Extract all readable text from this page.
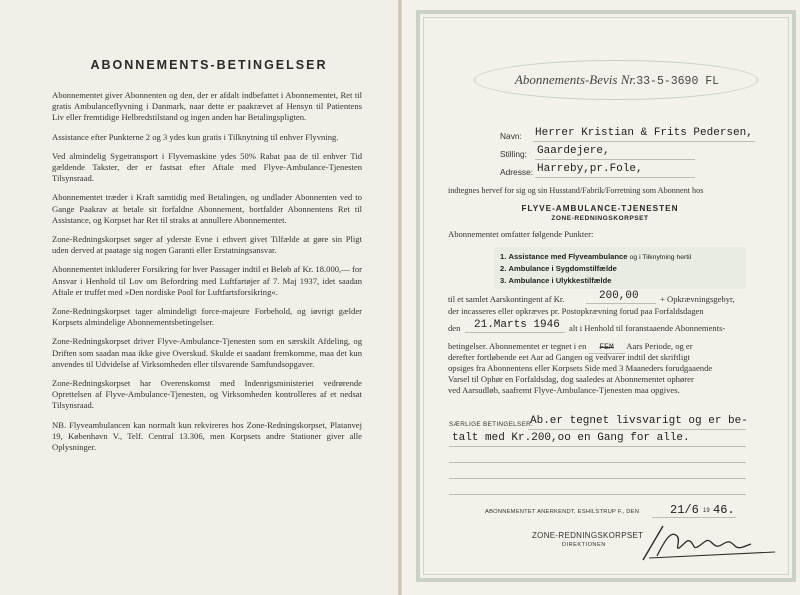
ABONNEMENTS-BETINGELSER

Abonnementet giver Abonnenten og den, der er afdalt indbefattet i Abonnementet, Ret til gratis Ambulanceflyvning i Danmark, naar dette er paakrævet af Hensyn til Patientens Liv eller fremtidige Helbredstilstand og ingen anden har Betalingspligten.

Assistance efter Punkterne 2 og 3 ydes kun gratis i Tilknytning til enhver Flyvning.

Ved almindelig Sygetransport i Flyvemaskine ydes 50% Rabat paa de til enhver Tid gældende Takster, der er fastsat efter Aftale med Flyve-Ambulance-Tjenesten Tilsynsraad.

Abonnementet træder i Kraft samtidig med Betalingen, og undlader Abonnenten ved to Gange Paakrav at betale sit forfaldne Abonnement, bortfalder Abonnentens Ret til Assistance, og Korpset har Ret til straks at annullere Abonnementet.

Zone-Redningskorpset søger af yderste Evne i ethvert givet Tilfælde at gøre sin Pligt uden derved at paatage sig nogen Garanti eller Erstatningsansvar.

Abonnementet inkluderer Forsikring for hver Passager indtil et Beløb af Kr. 18.000,— for Ansvar i Henhold til Lov om Befordring med Luftfartøjer af 7. Maj 1937, idet saadan Aftale er truffet med »Den nordiske Pool for Luftfartsforsikring«.

Zone-Redningskorpset tager almindeligt force-majeure Forbehold, og iøvrigt gælder Korpsets almindelige Abonnementsbetingelser.

Zone-Redningskorpset driver Flyve-Ambulance-Tjenesten som en særskilt Afdeling, og Driften som saadan maa ikke give Overskud. Skulde et saadant fremkomme, maa det kun anvendes til Udvidelse af Virksomheden eller tilsvarende Samfundsopgaver.

Zone-Redningskorpset har Overenskomst med Indenrigsministeriet vedrørende Oprettelsen af Flyve-Ambulance-Tjenesten, og Virksomheden kontrolleres af et nedsat Tilsynsraad.

NB. Flyveambulancen kan normalt kun rekvireres hos Zone-Redningskorpset, Platanvej 19, København V., Telf. Central 13.306, men Korpsets andre Stationer giver alle Oplysninger.

Abonnements-Bevis Nr.33-5-3690 FL
Navn: Herrer Kristian & Frits Pedersen,
Stilling: Gaardejere,
Adresse: Harreby,pr.Fole,
indtegnes hervef for sig og sin Husstand/Fabrik/Forretning som Abonnent hos
FLYVE-AMBULANCE-TJENESTEN
ZONE-REDNINGSKORPSET
Abonnementet omfatter følgende Punkter:
1. Assistance med Flyveambulance og i Tilknytning hertil
2. Ambulance i Sygdomstilfælde
3. Ambulance i Ulykkestilfælde
til et samlet Aarskontingent af Kr.	200,00 + Opkrævningsgebyr,
der incasseres eller opkræves pr. Postopkrævning forud paa Forfaldsdagen
den 21.Marts 1946 alt i Henhold til foranstaaende Abonnements-
betingelser. Abonnementet er tegnet i en FEM Aars Periode, og er
derefter fortløbende eet Aar ad Gangen og vedvarer indtil det skriftligt
opsiges fra Abonnentens eller Korpsets Side med 3 Maaneders forudgaaende
Varsel til Ophør en Forfaldsdag, dog saaledes at Abonnementet ophører
ved Aarsudløb, saafremt Flyve-Ambulance-Tjenesten maa opgives.
SÆRLIGE BETINGELSER:
Ab.er tegnet livsvarigt og er be-
talt med Kr.200,oo en Gang for alle.
ABONNEMENTET ANERKENDT, ESHILSTRUP F., DEN	21/6 19 46.
ZONE-REDNINGSKORPSET
DIREKTIONEN
